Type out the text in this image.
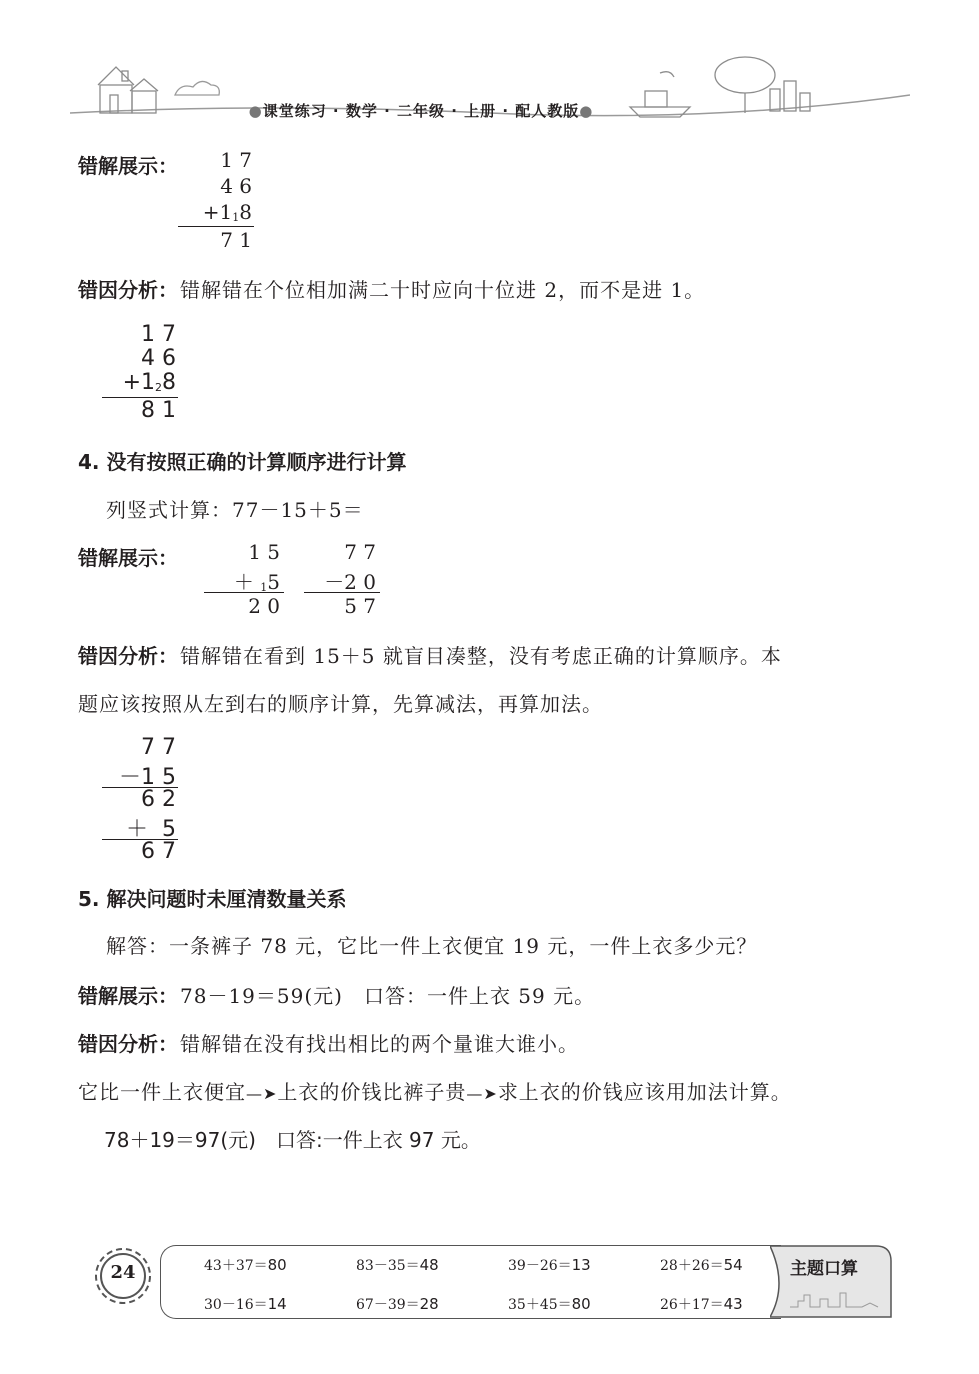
●课堂练习 · 数学 · 二年级 · 上册 · 配人教版●
错解展示： 1 7
4 6
+118
7 1
错因分析： 错解错在个位相加满二十时应向十位进 2，而不是进 1。
1 7
4 6
+128
8 1
4. 没有按照正确的计算顺序进行计算
列竖式计算：77－15＋5＝
错解展示：	1 5
＋ 15
2 0
7 7
－2 0
5 7
错因分析： 错解错在看到 15＋5 就盲目凑整，没有考虑正确的计算顺序。本
题应该按照从左到右的顺序计算，先算减法，再算加法。
7 7
－1 5
6 2
＋  5
6 7
5. 解决问题时未厘清数量关系
解答：一条裤子 78 元，它比一件上衣便宜 19 元，一件上衣多少元？
错解展示： 78－19＝59(元)　口答：一件上衣 59 元。
错因分析： 错解错在没有找出相比的两个量谁大谁小。
它比一件上衣便宜—➤上衣的价钱比裤子贵—➤求上衣的价钱应该用加法计算。
78＋19＝97(元)　口答:一件上衣 97 元。
24	43＋37＝80	83－35＝48	39－26＝13	28＋26＝54
30－16＝14	67－39＝28	35＋45＝80	26＋17＝43
主题口算
